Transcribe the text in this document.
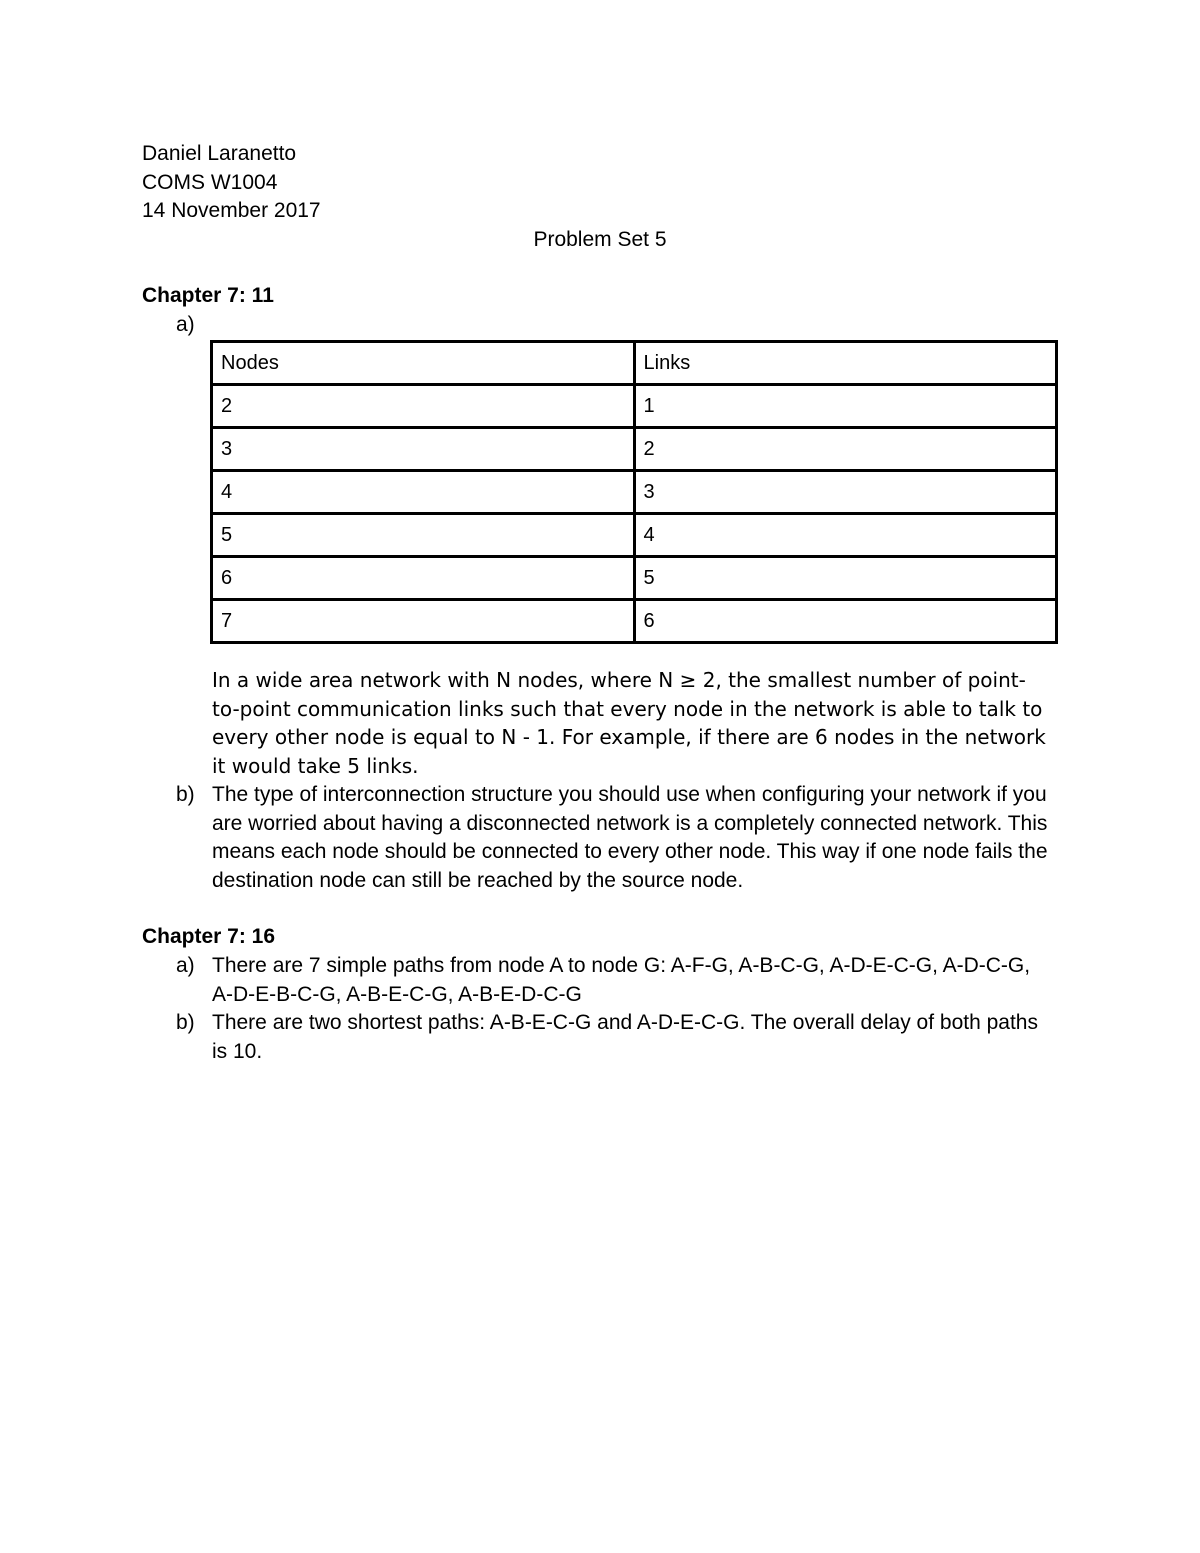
Daniel Laranetto
COMS W1004
14 November 2017
Problem Set 5
Chapter 7: 11
a)
Nodes	Links
2	1
3	2
4	3
5	4
6	5
7	6
In a wide area network with N nodes, where N ≥ 2, the smallest number of point-to-point communication links such that every node in the network is able to talk to every other node is equal to N - 1. For example, if there are 6 nodes in the network it would take 5 links.
b) The type of interconnection structure you should use when configuring your network if you are worried about having a disconnected network is a completely connected network. This means each node should be connected to every other node. This way if one node fails the destination node can still be reached by the source node.
Chapter 7: 16
a) There are 7 simple paths from node A to node G: A-F-G, A-B-C-G, A-D-E-C-G, A-D-C-G, A-D-E-B-C-G, A-B-E-C-G, A-B-E-D-C-G
b) There are two shortest paths: A-B-E-C-G and A-D-E-C-G. The overall delay of both paths is 10.
